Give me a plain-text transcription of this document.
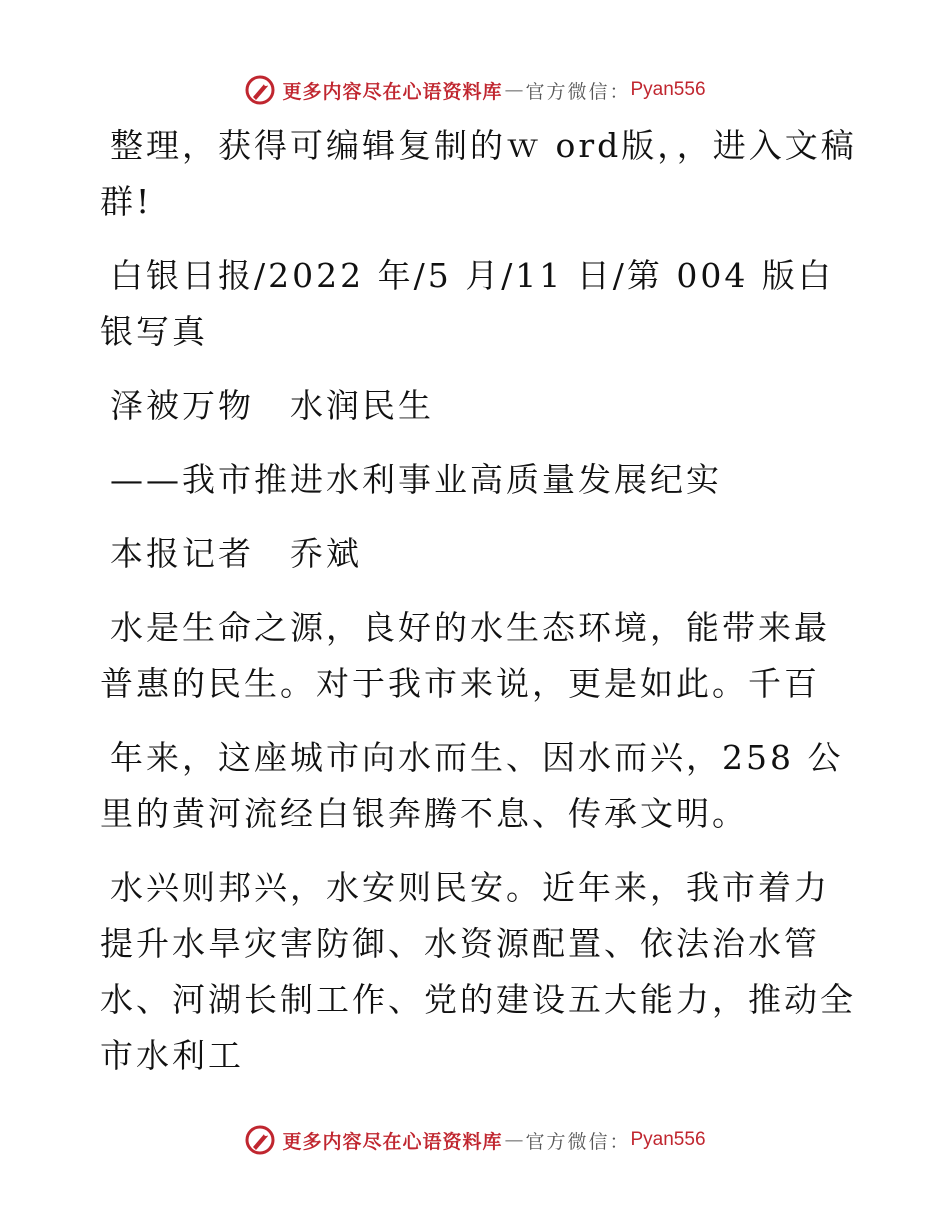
更多内容尽在心语资料库 — 官方微信： Pyan556

整理，获得可编辑复制的ｗ ord版，，进入文稿群!

白银日报/2022 年/5 月/11 日/第 004 版白银写真

泽被万物　水润民生

——我市推进水利事业高质量发展纪实

本报记者　乔斌

水是生命之源，良好的水生态环境，能带来最普惠的民生。对于我市来说，更是如此。千百

年来，这座城市向水而生、因水而兴，258 公里的黄河流经白银奔腾不息、传承文明。

水兴则邦兴，水安则民安。近年来，我市着力提升水旱灾害防御、水资源配置、依法治水管水、河湖长制工作、党的建设五大能力，推动全市水利工

更多内容尽在心语资料库 — 官方微信： Pyan556
